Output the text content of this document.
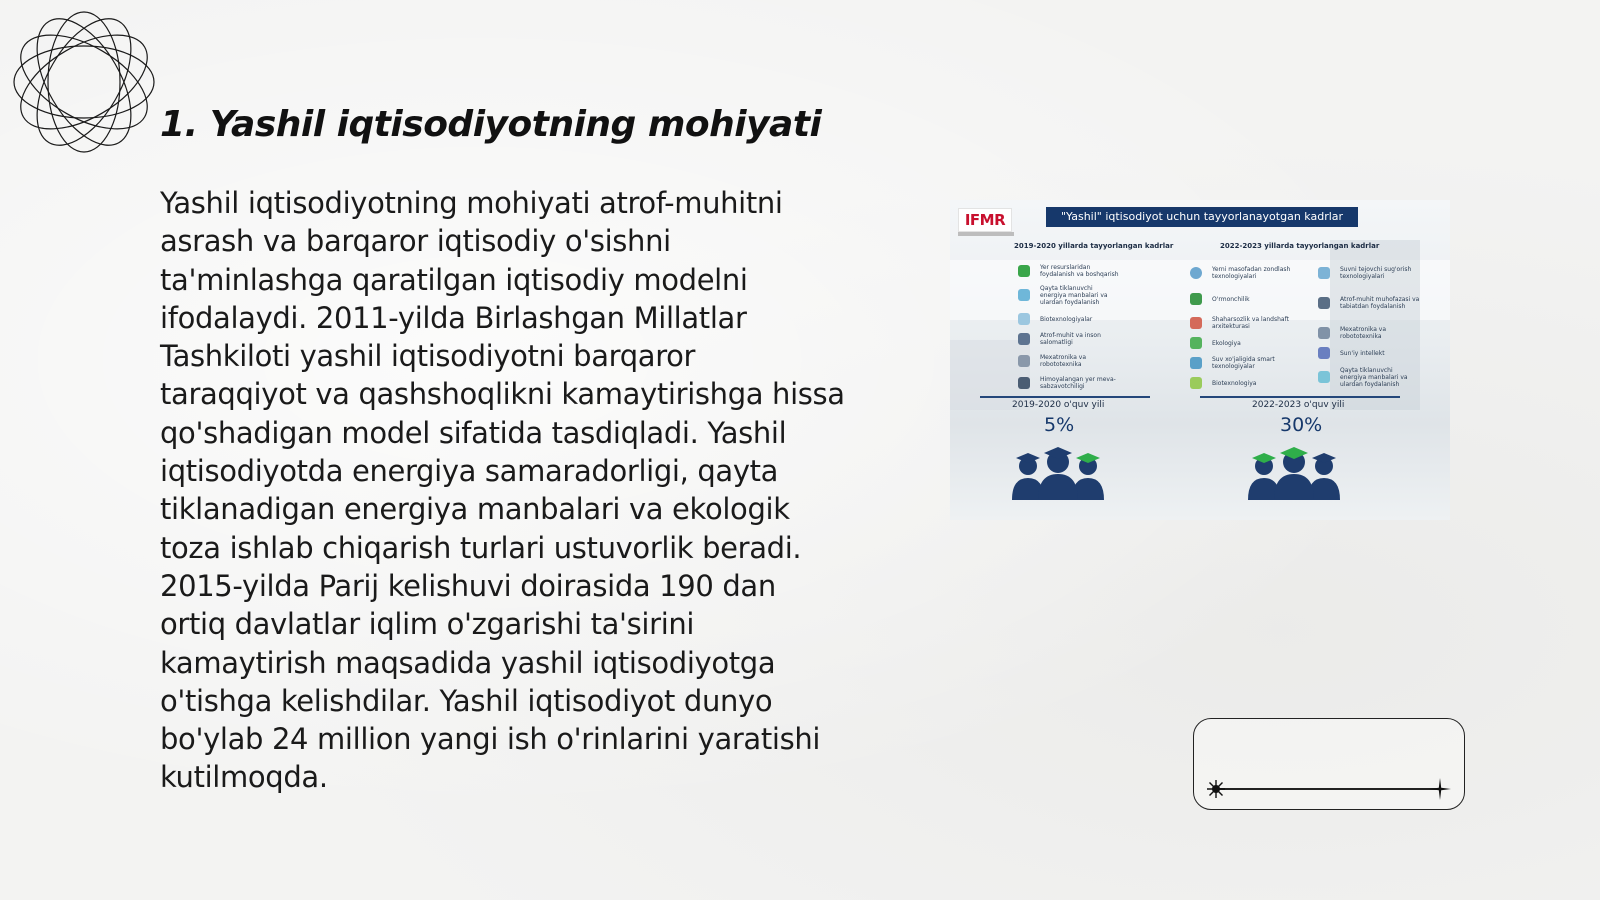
1. Yashil iqtisodiyotning mohiyati

Yashil iqtisodiyotning mohiyati atrof-muhitni asrash va barqaror iqtisodiy o'sishni ta'minlashga qaratilgan iqtisodiy modelni ifodalaydi. 2011-yilda Birlashgan Millatlar Tashkiloti yashil iqtisodiyotni barqaror taraqqiyot va qashshoqlikni kamaytirishga hissa qo'shadigan model sifatida tasdiqladi. Yashil iqtisodiyotda energiya samaradorligi, qayta tiklanadigan energiya manbalari va ekologik toza ishlab chiqarish turlari ustuvorlik beradi. 2015-yilda Parij kelishuvi doirasida 190 dan ortiq davlatlar iqlim o'zgarishi ta'sirini kamaytirish maqsadida yashil iqtisodiyotga o'tishga kelishdilar. Yashil iqtisodiyot dunyo bo'ylab 24 million yangi ish o'rinlarini yaratishi kutilmoqda.

IFMR	"Yashil" iqtisodiyot uchun tayyorlanayotgan kadrlar
2019-2020 yillarda tayyorlangan kadrlar	2022-2023 yillarda tayyorlangan kadrlar
Yer resurslaridan foydalanish va boshqarish
Qayta tiklanuvchi energiya manbalari va ulardan foydalanish
Biotexnologiyalar
Atrof-muhit va inson salomatligi
Mexatronika va robototexnika
Himoyalangan yer meva-sabzavotchiligi
Yerni masofadan zondlash texnologiyalari
O'rmonchilik
Shaharsozlik va landshaft arxitekturasi
Ekologiya
Suv xo'jaligida smart texnologiyalar
Biotexnologiya
Suvni tejovchi sug'orish texnologiyalari
Atrof-muhit muhofazasi va tabiatdan foydalanish
Mexatronika va robototexnika
Sun'iy intellekt
Qayta tiklanuvchi energiya manbalari va ulardan foydalanish
2019-2020 o'quv yili
5%
2022-2023 o'quv yili
30%
